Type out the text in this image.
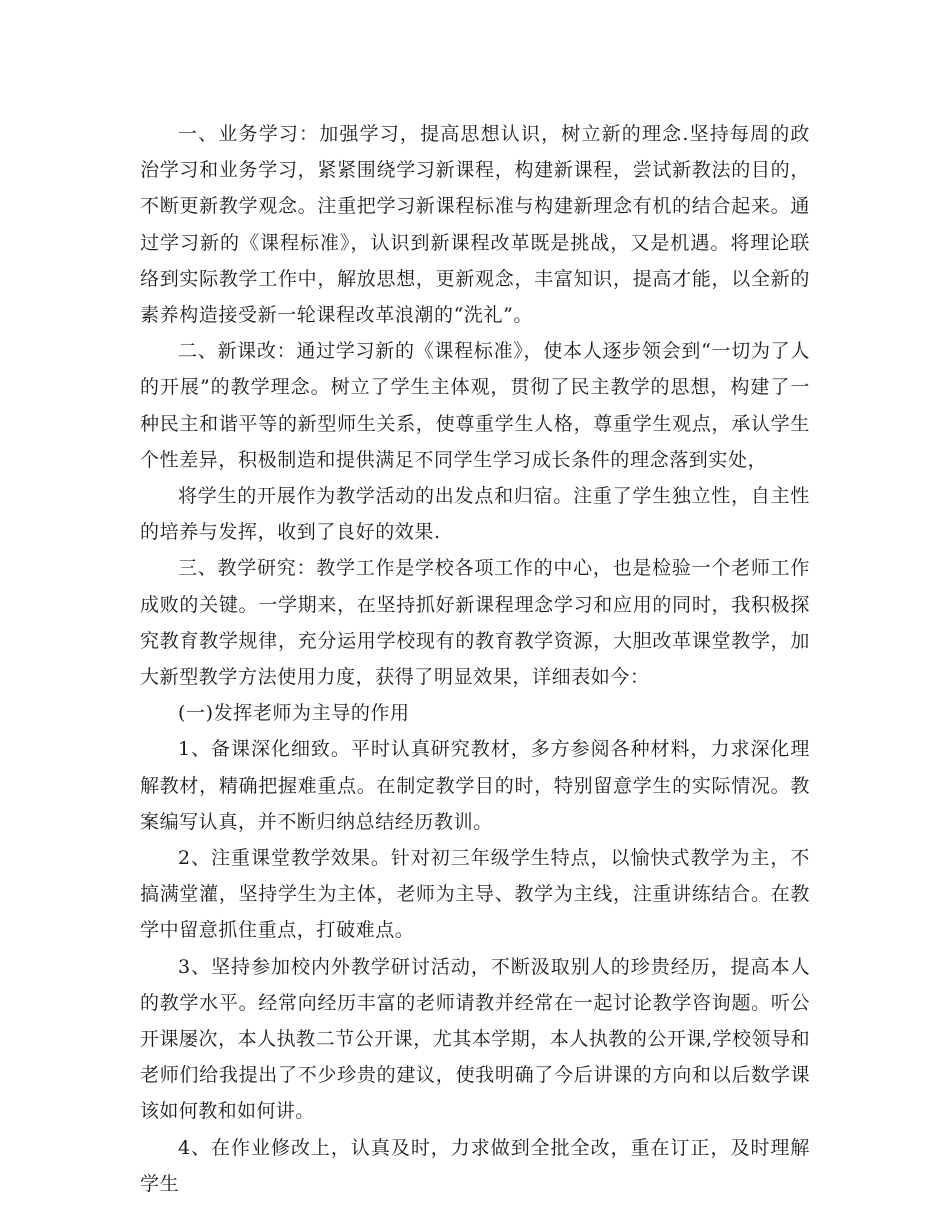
一、业务学习：加强学习，提高思想认识，树立新的理念.坚持每周的政治学习和业务学习，紧紧围绕学习新课程，构建新课程，尝试新教法的目的，不断更新教学观念。注重把学习新课程标准与构建新理念有机的结合起来。通过学习新的《课程标准》，认识到新课程改革既是挑战，又是机遇。将理论联络到实际教学工作中，解放思想，更新观念，丰富知识，提高才能，以全新的素养构造接受新一轮课程改革浪潮的“洗礼”。

二、新课改：通过学习新的《课程标准》，使本人逐步领会到“一切为了人的开展”的教学理念。树立了学生主体观，贯彻了民主教学的思想，构建了一种民主和谐平等的新型师生关系，使尊重学生人格，尊重学生观点，承认学生个性差异，积极制造和提供满足不同学生学习成长条件的理念落到实处，

将学生的开展作为教学活动的出发点和归宿。注重了学生独立性，自主性的培养与发挥，收到了良好的效果.

三、教学研究：教学工作是学校各项工作的中心，也是检验一个老师工作成败的关键。一学期来，在坚持抓好新课程理念学习和应用的同时，我积极探究教育教学规律，充分运用学校现有的教育教学资源，大胆改革课堂教学，加大新型教学方法使用力度，获得了明显效果，详细表如今：

(一)发挥老师为主导的作用

1、备课深化细致。平时认真研究教材，多方参阅各种材料，力求深化理解教材，精确把握难重点。在制定教学目的时，特别留意学生的实际情况。教案编写认真，并不断归纳总结经历教训。

2、注重课堂教学效果。针对初三年级学生特点，以愉快式教学为主，不搞满堂灌，坚持学生为主体，老师为主导、教学为主线，注重讲练结合。在教学中留意抓住重点，打破难点。

3、坚持参加校内外教学研讨活动，不断汲取别人的珍贵经历，提高本人的教学水平。经常向经历丰富的老师请教并经常在一起讨论教学咨询题。听公开课屡次，本人执教二节公开课，尤其本学期，本人执教的公开课,学校领导和老师们给我提出了不少珍贵的建议，使我明确了今后讲课的方向和以后数学课该如何教和如何讲。

4、在作业修改上，认真及时，力求做到全批全改，重在订正，及时理解学生
